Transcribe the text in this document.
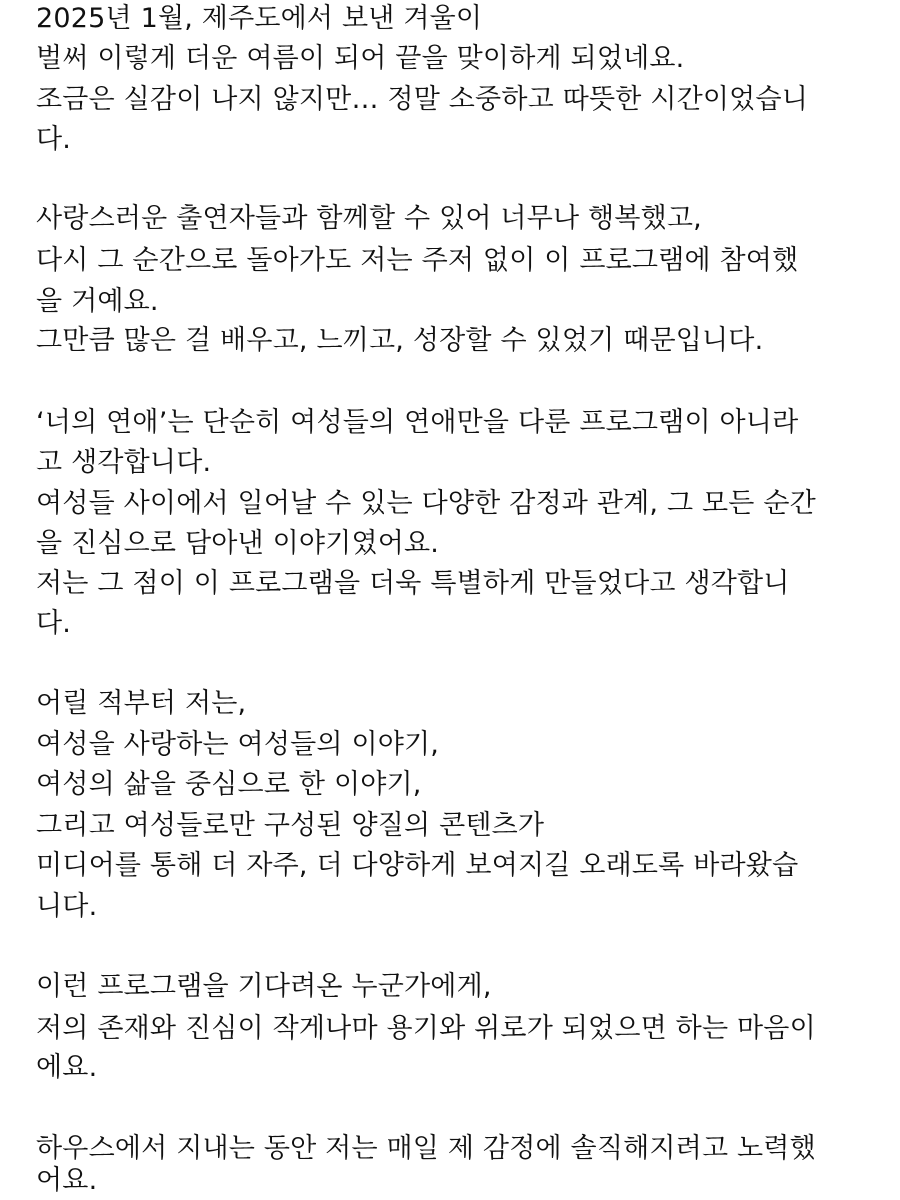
2025년 1월, 제주도에서 보낸 겨울이
벌써 이렇게 더운 여름이 되어 끝을 맞이하게 되었네요.
조금은 실감이 나지 않지만… 정말 소중하고 따뜻한 시간이었습니
다.
사랑스러운 출연자들과 함께할 수 있어 너무나 행복했고,
다시 그 순간으로 돌아가도 저는 주저 없이 이 프로그램에 참여했
을 거예요.
그만큼 많은 걸 배우고, 느끼고, 성장할 수 있었기 때문입니다.
‘너의 연애’는 단순히 여성들의 연애만을 다룬 프로그램이 아니라
고 생각합니다.
여성들 사이에서 일어날 수 있는 다양한 감정과 관계, 그 모든 순간
을 진심으로 담아낸 이야기였어요.
저는 그 점이 이 프로그램을 더욱 특별하게 만들었다고 생각합니
다.
어릴 적부터 저는,
여성을 사랑하는 여성들의 이야기,
여성의 삶을 중심으로 한 이야기,
그리고 여성들로만 구성된 양질의 콘텐츠가
미디어를 통해 더 자주, 더 다양하게 보여지길 오래도록 바라왔습
니다.
이런 프로그램을 기다려온 누군가에게,
저의 존재와 진심이 작게나마 용기와 위로가 되었으면 하는 마음이
에요.
하우스에서 지내는 동안 저는 매일 제 감정에 솔직해지려고 노력했
어요.
